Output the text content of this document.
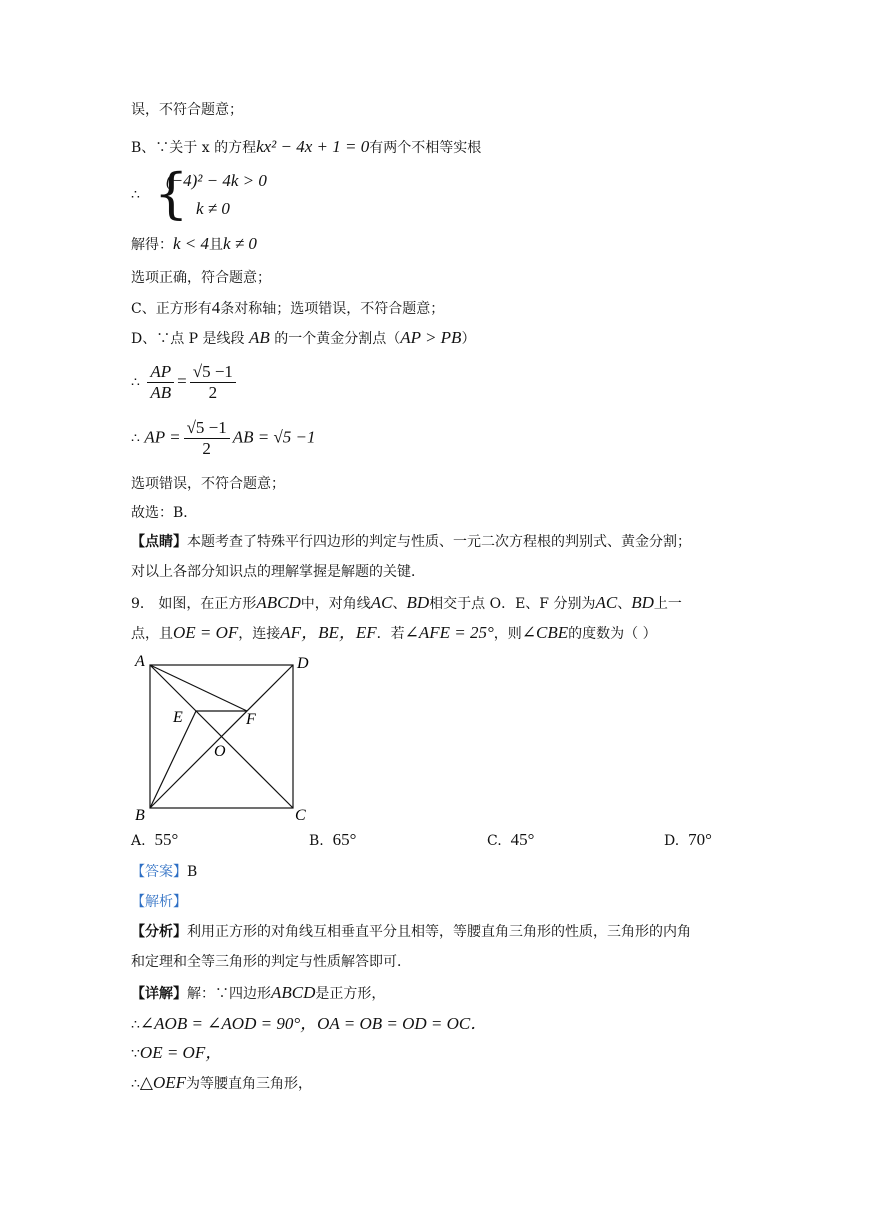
误，不符合题意；
B、∵关于 x 的方程kx² − 4x + 1 = 0有两个不相等实根
∴ {
(−4)² − 4k > 0
k ≠ 0
解得：k < 4且k ≠ 0
选项正确，符合题意；
C、正方形有4条对称轴；选项错误，不符合题意；
D、∵点 P 是线段 AB 的一个黄金分割点（AP > PB）
∴ $\frac{AP}{AB} = \frac{√5 -1}{2}$
∴ AP = $\frac{√5 -1}{2}$ AB = √5 −1
选项错误，不符合题意；
故选：B．
【点睛】本题考查了特殊平行四边形的判定与性质、一元二次方程根的判别式、黄金分割；
对以上各部分知识点的理解掌握是解题的关键．
9． 如图，在正方形ABCD中，对角线AC、BD相交于点 O．E、F 分别为AC、BD上一
点，且OE = OF，连接AF，BE，EF．若∠AFE = 25°，则∠CBE的度数为（ ）
A	D
E	F
O
B	C
A. 55°	B. 65°	C. 45°	D. 70°
【答案】B
【解析】
【分析】利用正方形的对角线互相垂直平分且相等，等腰直角三角形的性质，三角形的内角
和定理和全等三角形的判定与性质解答即可．
【详解】解：∵四边形ABCD是正方形，
∴∠AOB = ∠AOD = 90°，OA = OB = OD = OC．
∵OE = OF，
∴△OEF为等腰直角三角形，
